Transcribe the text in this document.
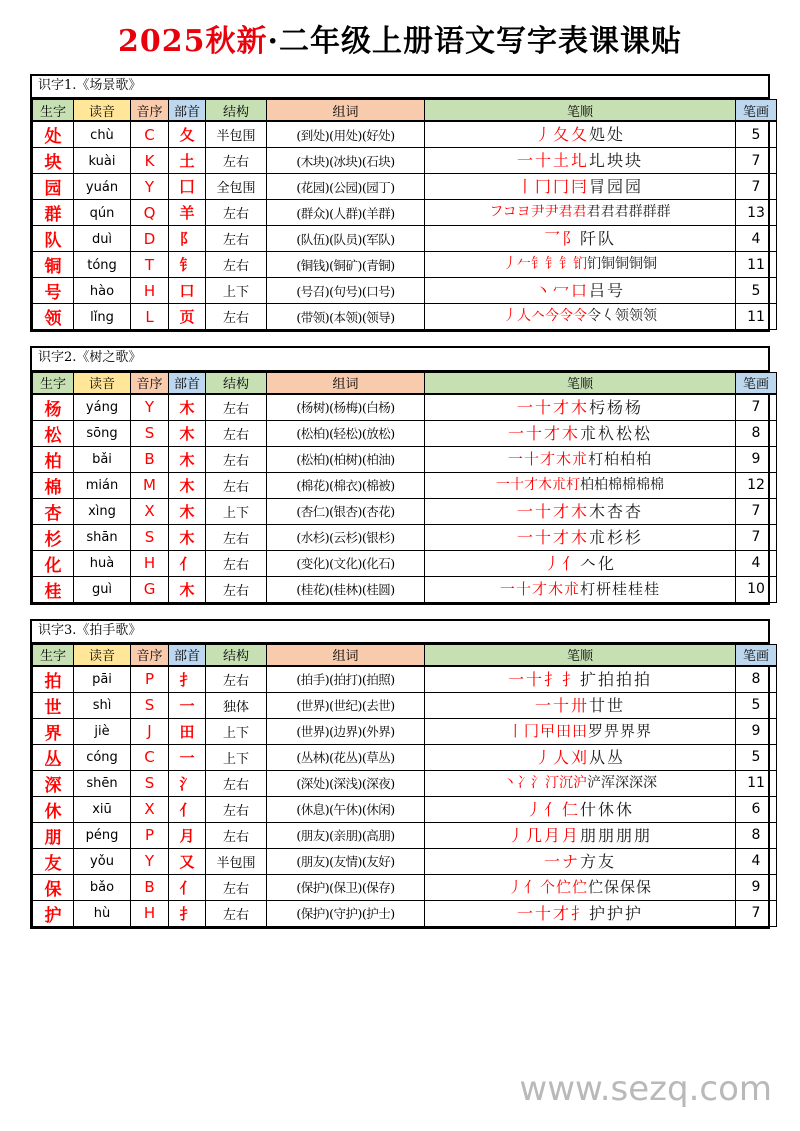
2025秋新·二年级上册语文写字表课课贴
识字1.《场景歌》
生字	读音	音序	部首	结构	组词	笔顺	笔画
处	chù	C	夂	半包围	(到处)(用处)(好处)	丿夂夂処处	5
块	kuài	K	土	左右	(木块)(冰块)(石块)	一十土圠圠坱块	7
园	yuán	Y	囗	全包围	(花园)(公园)(园丁)	丨冂冂冃冐园园	7
群	qún	Q	羊	左右	(群众)(人群)(羊群)	フコヨ尹尹君君君君君群群群	13
队	duì	D	阝	左右	(队伍)(队员)(军队)	乛阝阡队	4
铜	tóng	T	钅	左右	(铜钱)(铜矿)(青铜)	丿𠂉钅钅钅钔钔铜铜铜铜	11
号	hào	H	口	上下	(号召)(句号)(口号)	丶冖口吕号	5
领	lǐng	L	页	左右	(带领)(本领)(领导)	丿人𠆢今令令令𡿨领领领	11
识字2.《树之歌》
生字	读音	音序	部首	结构	组词	笔顺	笔画
杨	yáng	Y	木	左右	(杨树)(杨梅)(白杨)	一十才木杇杨杨	7
松	sōng	S	木	左右	(松柏)(轻松)(放松)	一十才木朮杁松松	8
柏	bǎi	B	木	左右	(松柏)(柏树)(柏油)	一十才木朮朾柏柏柏	9
棉	mián	M	木	左右	(棉花)(棉衣)(棉被)	一十才木朮朾柏柏棉棉棉棉	12
杏	xìng	X	木	上下	(杏仁)(银杏)(杏花)	一十才木木杏杏	7
杉	shān	S	木	左右	(水杉)(云杉)(银杉)	一十才木朮杉杉	7
化	huà	H	亻	左右	(变化)(文化)(化石)	丿亻𠆢化	4
桂	guì	G	木	左右	(桂花)(桂林)(桂圆)	一十才木朮朾枅桂桂桂	10
识字3.《拍手歌》
生字	读音	音序	部首	结构	组词	笔顺	笔画
拍	pāi	P	扌	左右	(拍手)(拍打)(拍照)	一十扌扌扩拍拍拍	8
世	shì	S	一	独体	(世界)(世纪)(去世)	一十卅廿世	5
界	jiè	J	田	上下	(世界)(边界)(外界)	丨冂曱田田罗畀界界	9
丛	cóng	C	一	上下	(丛林)(花丛)(草丛)	丿人刈从丛	5
深	shēn	S	氵	左右	(深处)(深浅)(深夜)	丶冫氵汀沉沪浐浑深深深	11
休	xiū	X	亻	左右	(休息)(午休)(休闲)	丿亻仁什休休	6
朋	péng	P	月	左右	(朋友)(亲朋)(高朋)	丿几月月朋朋朋朋	8
友	yǒu	Y	又	半包围	(朋友)(友情)(友好)	一ナ方友	4
保	bǎo	B	亻	左右	(保护)(保卫)(保存)	丿亻个伫伫伫保保保	9
护	hù	H	扌	左右	(保护)(守护)(护士)	一十才扌护护护	7
www.sezq.com
